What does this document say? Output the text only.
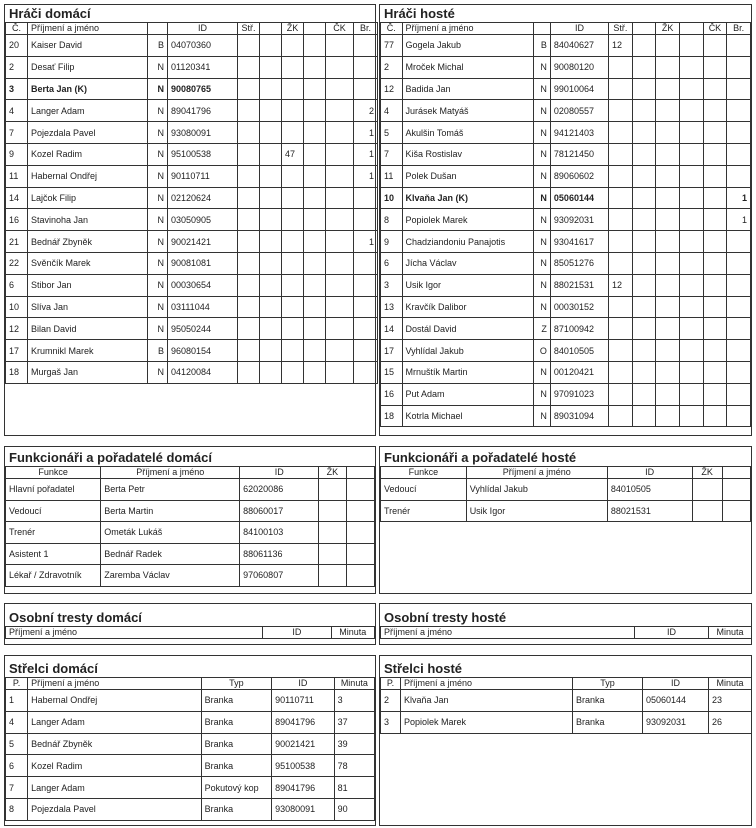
Hráči domácí
Č.	Příjmení a jméno		ID	Stř.		ŽK		ČK	Br.
20	Kaiser David	B	04070360						
2	Desať Filip	N	01120341						
3	Berta Jan (K)	N	90080765						
4	Langer Adam	N	89041796						2
7	Pojezdala Pavel	N	93080091						1
9	Kozel Radim	N	95100538			47			1
11	Habernal Ondřej	N	90110711						1
14	Lajčok Filip	N	02120624						
16	Stavinoha Jan	N	03050905						
21	Bednář Zbyněk	N	90021421						1
22	Svěnčík Marek	N	90081081						
6	Stibor Jan	N	00030654						
10	Slíva Jan	N	03111044						
12	Bilan David	N	95050244						
17	Krumnikl Marek	B	96080154						
18	Murgaš Jan	N	04120084						
Hráči hosté
Č.	Příjmení a jméno		ID	Stř.		ŽK		ČK	Br.
77	Gogela Jakub	B	84040627	12					
2	Mroček Michal	N	90080120						
12	Badida Jan	N	99010064						
4	Jurásek Matyáš	N	02080557						
5	Akulšin Tomáš	N	94121403						
7	Kiša Rostislav	N	78121450						
11	Polek Dušan	N	89060602						
10	Klvaňa Jan (K)	N	05060144						1
8	Popiolek Marek	N	93092031						1
9	Chadziandoniu Panajotis	N	93041617						
6	Jícha Václav	N	85051276						
3	Usik Igor	N	88021531	12					
13	Kravčík Dalibor	N	00030152						
14	Dostál David	Z	87100942						
17	Vyhlídal Jakub	O	84010505						
15	Mrnuštík Martin	N	00120421						
16	Put Adam	N	97091023						
18	Kotrla Michael	N	89031094						
Funkcionáři a pořadatelé domácí
Funkce	Příjmení a jméno	ID	ŽK	
Hlavní pořadatel	Berta Petr	62020086		
Vedoucí	Berta Martin	88060017		
Trenér	Ometák Lukáš	84100103		
Asistent 1	Bednář Radek	88061136		
Lékař / Zdravotník	Zaremba Václav	97060807		
Funkcionáři a pořadatelé hosté
Funkce	Příjmení a jméno	ID	ŽK	
Vedoucí	Vyhlídal Jakub	84010505		
Trenér	Usik Igor	88021531		
Osobní tresty domácí
Příjmení a jméno	ID	Minuta
Osobní tresty hosté
Příjmení a jméno	ID	Minuta
Střelci domácí
P.	Příjmení a jméno	Typ	ID	Minuta
1	Habernal Ondřej	Branka	90110711	3
4	Langer Adam	Branka	89041796	37
5	Bednář Zbyněk	Branka	90021421	39
6	Kozel Radim	Branka	95100538	78
7	Langer Adam	Pokutový kop	89041796	81
8	Pojezdala Pavel	Branka	93080091	90
Střelci hosté
P.	Příjmení a jméno	Typ	ID	Minuta
2	Klvaňa Jan	Branka	05060144	23
3	Popiolek Marek	Branka	93092031	26
